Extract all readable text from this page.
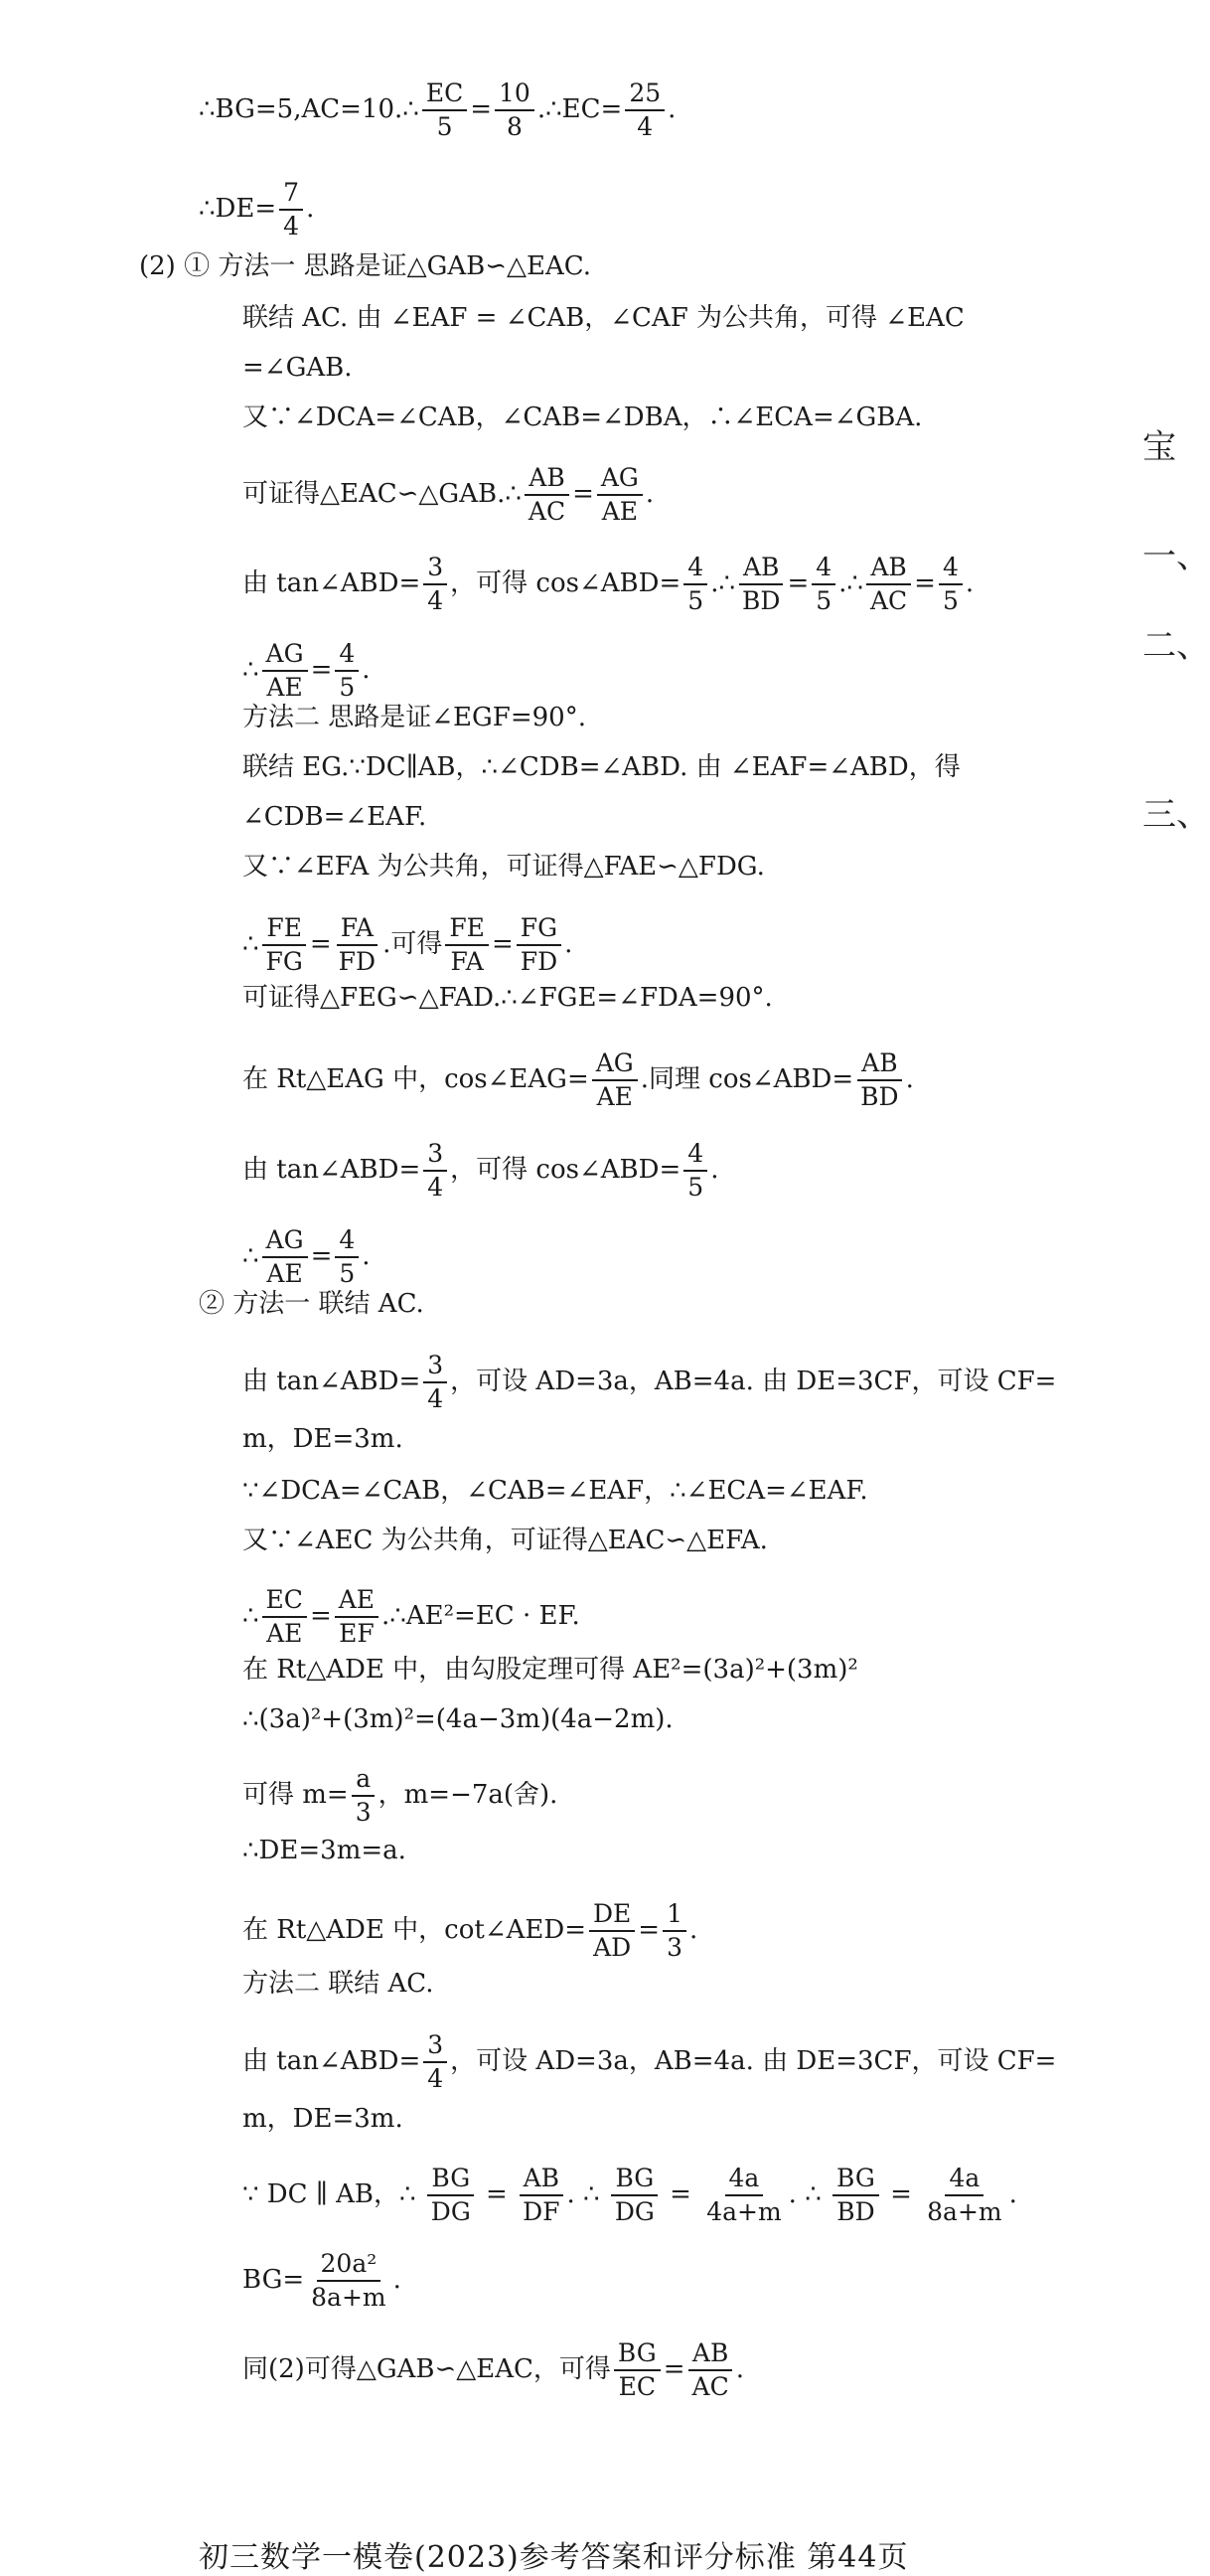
∴BG=5,AC=10.∴ $\frac{EC}{5} = \frac{10}{8}$ .∴EC= $\frac{25}{4}$ .
∴DE= $\frac{7}{4}$ .
(2) ① 方法一 思路是证△GAB∽△EAC.
联结 AC. 由 ∠EAF = ∠CAB，∠CAF 为公共角，可得 ∠EAC
=∠GAB.
又∵∠DCA=∠CAB，∠CAB=∠DBA，∴∠ECA=∠GBA.
可证得△EAC∽△GAB.∴ $\frac{AB}{AC} = \frac{AG}{AE}$ .
由 tan∠ABD= $\frac{3}{4}$ ，可得 cos∠ABD= $\frac{4}{5}$ .∴ $\frac{AB}{BD} = \frac{4}{5}$ .∴ $\frac{AB}{AC} = \frac{4}{5}$ .
∴ $\frac{AG}{AE} = \frac{4}{5}$ .
方法二 思路是证∠EGF=90°.
联结 EG.∵DC∥AB，∴∠CDB=∠ABD. 由 ∠EAF=∠ABD，得
∠CDB=∠EAF.
又∵∠EFA 为公共角，可证得△FAE∽△FDG.
∴ $\frac{FE}{FG} = \frac{FA}{FD}$ .可得 $\frac{FE}{FA} = \frac{FG}{FD}$ .
可证得△FEG∽△FAD.∴∠FGE=∠FDA=90°.
在 Rt△EAG 中，cos∠EAG= $\frac{AG}{AE}$ .同理 cos∠ABD= $\frac{AB}{BD}$ .
由 tan∠ABD= $\frac{3}{4}$ ，可得 cos∠ABD= $\frac{4}{5}$ .
∴ $\frac{AG}{AE} = \frac{4}{5}$ .
② 方法一 联结 AC.
由 tan∠ABD= $\frac{3}{4}$ ，可设 AD=3a，AB=4a. 由 DE=3CF，可设 CF=
m，DE=3m.
∵∠DCA=∠CAB，∠CAB=∠EAF，∴∠ECA=∠EAF.
又∵∠AEC 为公共角，可证得△EAC∽△EFA.
∴ $\frac{EC}{AE} = \frac{AE}{EF}$ .∴AE²=EC · EF.
在 Rt△ADE 中，由勾股定理可得 AE²=(3a)²+(3m)²
∴(3a)²+(3m)²=(4a−3m)(4a−2m).
可得 $m= \frac{a}{3}$ ，m=−7a(舍).
∴DE=3m=a.
在 Rt△ADE 中，cot∠AED= $\frac{DE}{AD} = \frac{1}{3}$ .
方法二 联结 AC.
由 tan∠ABD= $\frac{3}{4}$ ，可设 AD=3a，AB=4a. 由 DE=3CF，可设 CF=
m，DE=3m.
∵ DC ∥ AB，∴ $\frac{BG}{DG} = \frac{AB}{DF}$ . ∴ $\frac{BG}{DG} = \frac{4a}{4a+m}$ . ∴ $\frac{BG}{BD} = \frac{4a}{8a+m}$ .
$BG= \frac{\text{20a²}}{8a+m}$ .
同(2)可得△GAB∽△EAC，可得 $\frac{BG}{EC} = \frac{AB}{AC}$ .
宝
一、
二、
三、
初三数学一模卷(2023)参考答案和评分标准 第44页
